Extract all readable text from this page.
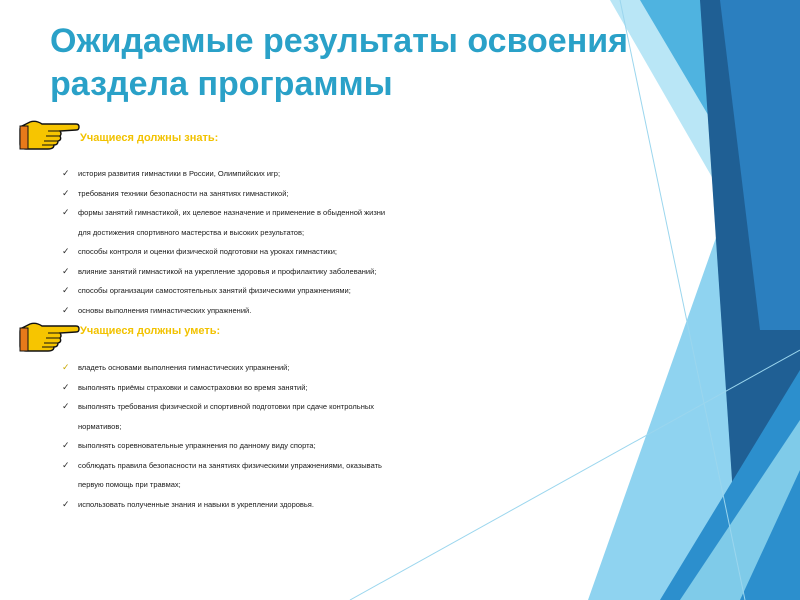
Ожидаемые результаты освоения
раздела программы
Учащиеся должны знать:
✓ история развития гимнастики в России, Олимпийских игр;
✓ требования техники безопасности на занятиях гимнастикой;
✓ формы занятий гимнастикой, их целевое назначение и применение в обыденной жизни
для достижения спортивного мастерства и высоких результатов;
✓ способы контроля и оценки физической подготовки на уроках гимнастики;
✓ влияние занятий гимнастикой на укрепление здоровья и профилактику заболеваний;
✓ способы организации самостоятельных занятий физическими упражнениями;
✓ основы выполнения гимнастических упражнений.
Учащиеся должны уметь:
✓ владеть основами выполнения гимнастических упражнений;
✓ выполнять приёмы страховки и самостраховки во время занятий;
✓ выполнять требования физической и спортивной подготовки при сдаче контрольных
нормативов;
✓ выполнять соревновательные упражнения по данному виду спорта;
✓ соблюдать правила безопасности на занятиях физическими упражнениями, оказывать
первую помощь при травмах;
✓ использовать полученные знания и навыки в укреплении здоровья.
